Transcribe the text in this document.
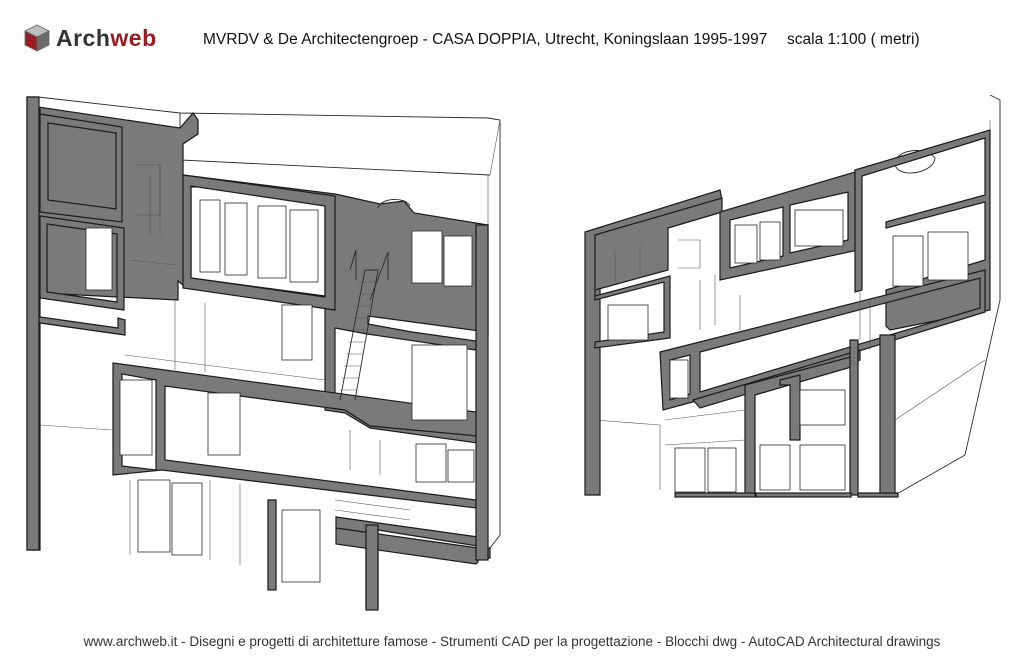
Archweb	MVRDV & De Architectengroep - CASA DOPPIA, Utrecht, Koningslaan 1995-1997 scala 1:100 ( metri)
www.archweb.it - Disegni e progetti di architetture famose - Strumenti CAD per la progettazione - Blocchi dwg - AutoCAD Architectural drawings
